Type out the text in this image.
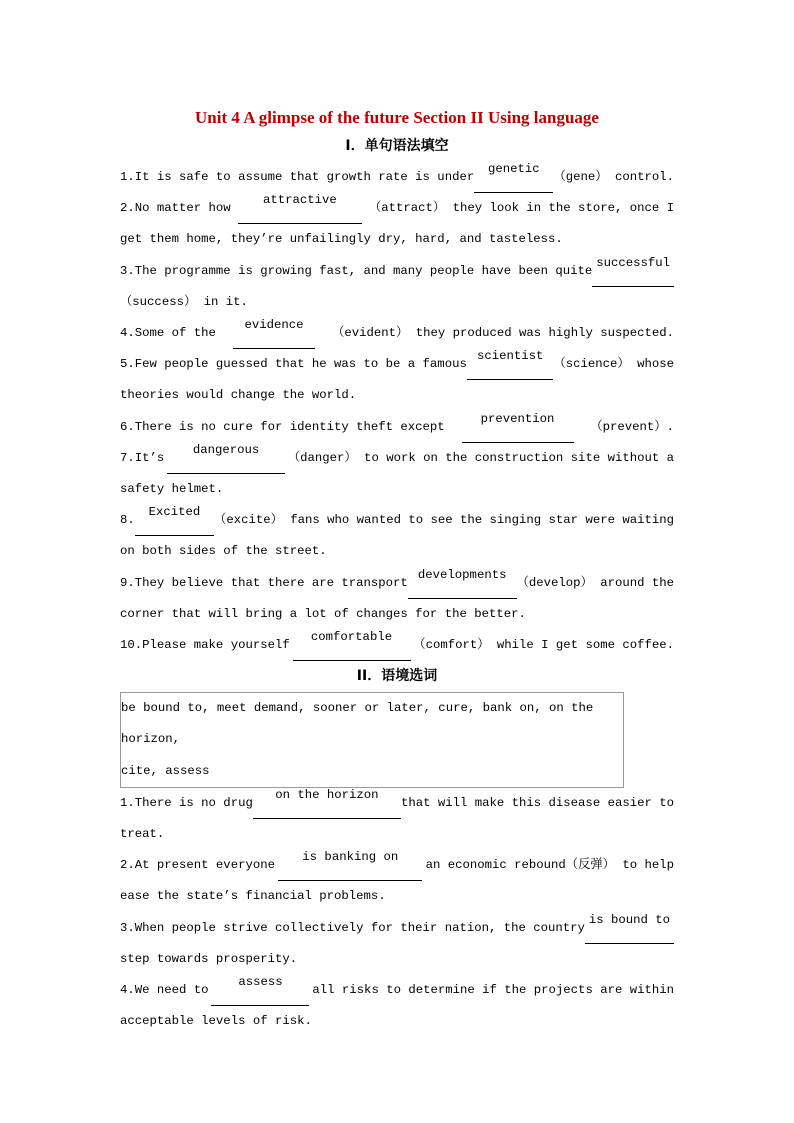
Unit 4 A glimpse of the future Section II Using language
I．单句语法填空
1.It is safe to assume that growth rate is under
genetic
（gene） control.
2.No matter how
attractive
（attract） they look in the store, once I
get them home, they’re unfailingly dry, hard, and tasteless.
3.The programme is growing fast, and many people have been quite
successful
（success） in it.
4.Some of the
evidence
（evident） they produced was highly suspected.
5.Few people guessed that he was to be a famous
scientist
（science） whose
theories would change the world.
6.There is no cure for identity theft except
prevention
（prevent）.
7.It’s
dangerous
（danger） to work on the construction site without a
safety helmet.
8.
Excited
（excite） fans who wanted to see the singing star were waiting
on both sides of the street.
9.They believe that there are transport
developments
（develop） around the
corner that will bring a lot of changes for the better.
10.Please make yourself
comfortable
（comfort） while I get some coffee.
II．语境选词
be bound to, meet demand, sooner or later, cure, bank on, on the horizon,
cite, assess
1.There is no drug
on the horizon
that will make this disease easier to
treat.
2.At present everyone
is banking on
an economic rebound（反弹） to help
ease the state’s financial problems.
3.When people strive collectively for their nation, the country
is bound to
step towards prosperity.
4.We need to
assess
all risks to determine if the projects are within
acceptable levels of risk.
